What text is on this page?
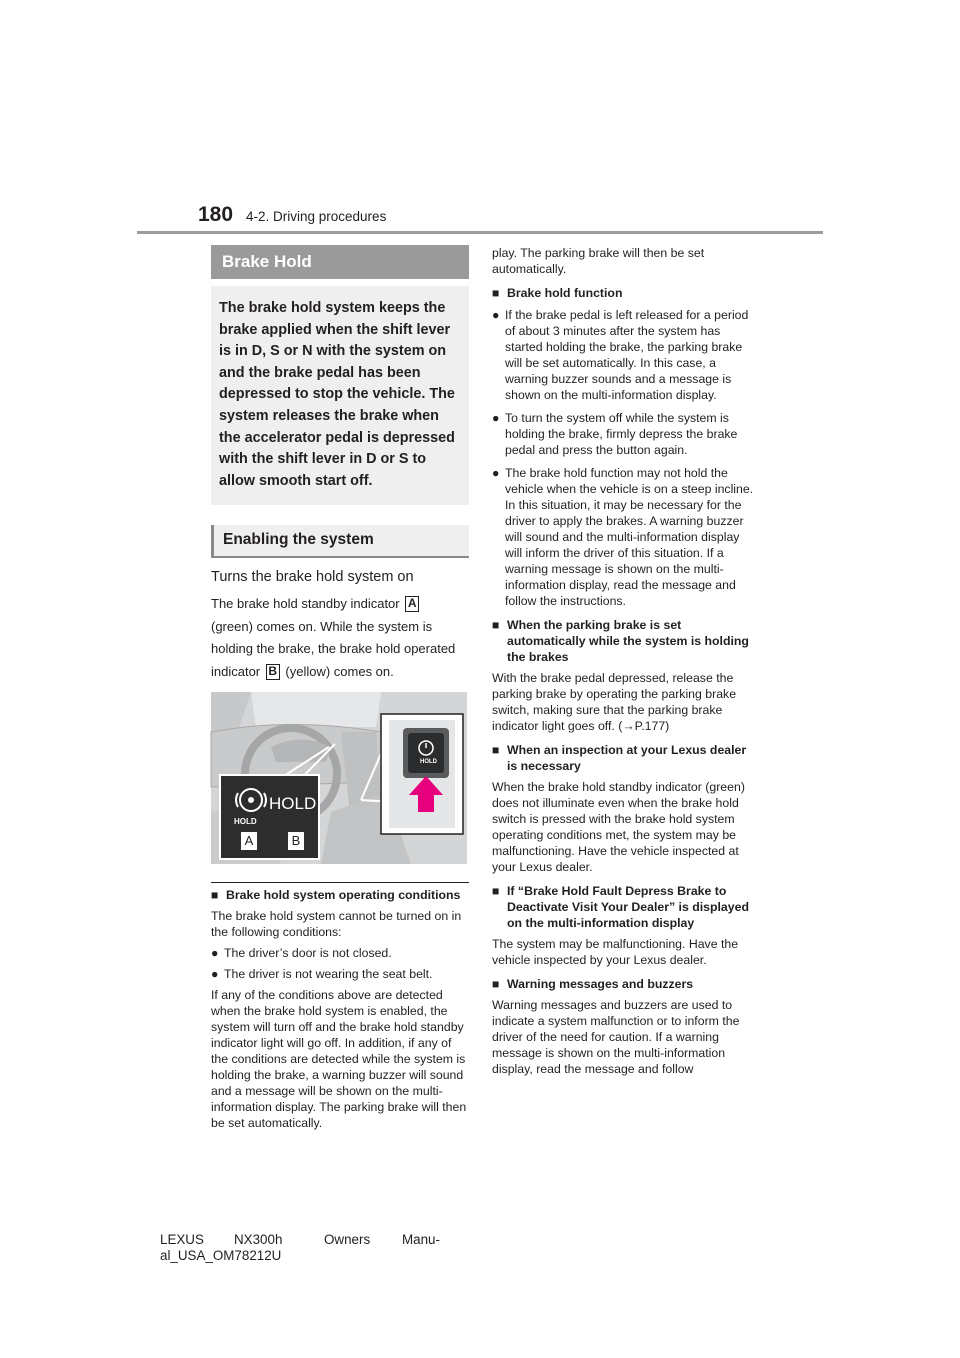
180 4-2. Driving procedures
Brake Hold
The brake hold system keeps the brake applied when the shift lever is in D, S or N with the system on and the brake pedal has been depressed to stop the vehicle. The system releases the brake when the accelerator pedal is depressed with the shift lever in D or S to allow smooth start off.
Enabling the system
Turns the brake hold system on
The brake hold standby indicator A
(green) comes on. While the system is holding the brake, the brake hold operated indicator B (yellow) comes on.
HOLD
HOLD
A	B
HOLD
■ Brake hold system operating conditions
The brake hold system cannot be turned on in the following conditions:
● The driver’s door is not closed.
● The driver is not wearing the seat belt.
If any of the conditions above are detected when the brake hold system is enabled, the system will turn off and the brake hold standby indicator light will go off. In addition, if any of the conditions are detected while the system is holding the brake, a warning buzzer will sound and a message will be shown on the multi-information display. The parking brake will then be set automatically.
play. The parking brake will then be set automatically.
■ Brake hold function
● If the brake pedal is left released for a period of about 3 minutes after the system has started holding the brake, the parking brake will be set automatically. In this case, a warning buzzer sounds and a message is shown on the multi-information display.
● To turn the system off while the system is holding the brake, firmly depress the brake pedal and press the button again.
● The brake hold function may not hold the vehicle when the vehicle is on a steep incline. In this situation, it may be necessary for the driver to apply the brakes. A warning buzzer will sound and the multi-information display will inform the driver of this situation. If a warning message is shown on the multi-information display, read the message and follow the instructions.
■ When the parking brake is set automatically while the system is holding the brakes
With the brake pedal depressed, release the parking brake by operating the parking brake switch, making sure that the parking brake indicator light goes off. (→P.177)
■ When an inspection at your Lexus dealer is necessary
When the brake hold standby indicator (green) does not illuminate even when the brake hold switch is pressed with the brake hold system operating conditions met, the system may be malfunctioning. Have the vehicle inspected at your Lexus dealer.
■ If “Brake Hold Fault Depress Brake to Deactivate Visit Your Dealer” is displayed on the multi-information display
The system may be malfunctioning. Have the vehicle inspected by your Lexus dealer.
■ Warning messages and buzzers
Warning messages and buzzers are used to indicate a system malfunction or to inform the driver of the need for caution. If a warning message is shown on the multi-information display, read the message and follow
LEXUS NX300h	Owners Manu-
al_USA_OM78212U
